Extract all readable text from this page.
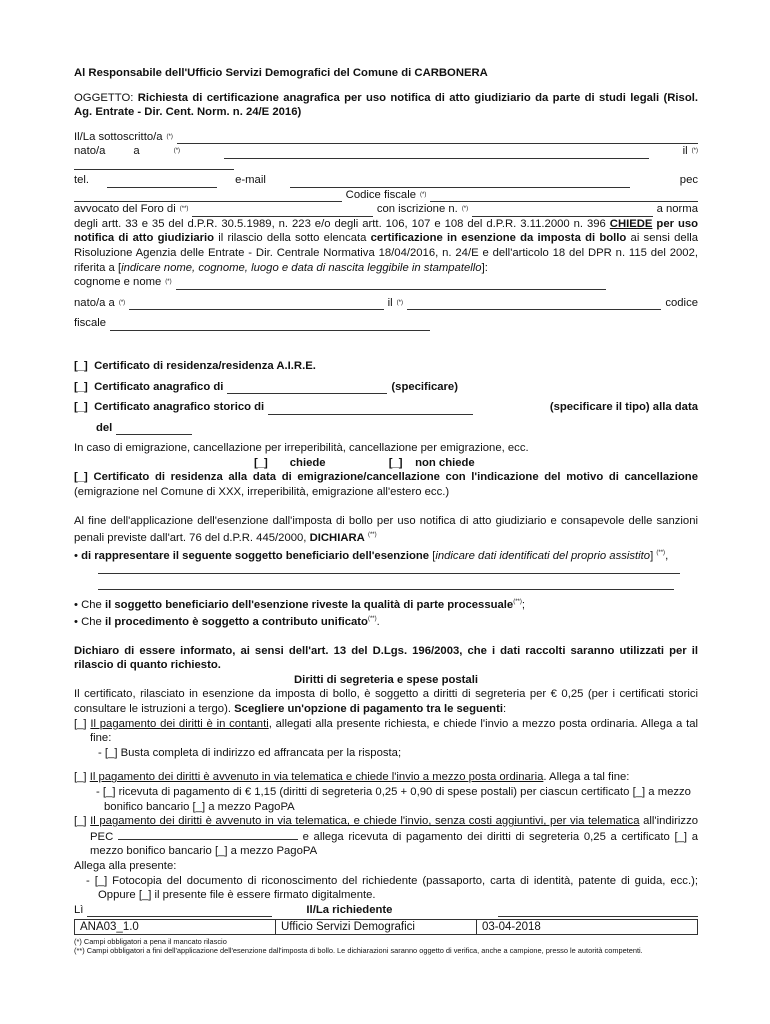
Al Responsabile dell'Ufficio Servizi Demografici del Comune di CARBONERA
OGGETTO: Richiesta di certificazione anagrafica per uso notifica di atto giudiziario da parte di studi legali (Risol. Ag. Entrate - Dir. Cent. Norm. n. 24/E 2016)
Il/La sottoscritto/a (*)
nato/a a	(*)	il (*)
tel.	e-mail	pec
Codice fiscale (*)
avvocato del Foro di (**)	con iscrizione n. (*)	a norma
degli artt. 33 e 35 del d.P.R. 30.5.1989, n. 223 e/o degli artt. 106, 107 e 108 del d.P.R. 3.11.2000 n. 396 CHIEDE per uso notifica di atto giudiziario il rilascio della sotto elencata certificazione in esenzione da imposta di bollo ai sensi della Risoluzione Agenzia delle Entrate - Dir. Centrale Normativa 18/04/2016, n. 24/E e dell'articolo 18 del DPR n. 115 del 2002, riferita a [indicare nome, cognome, luogo e data di nascita leggibile in stampatello]:
cognome e nome (*)
nato/a a (*)	il (*)	codice
fiscale
[_]  Certificato di residenza/residenza A.I.R.E.
[_]  Certificato anagrafico di	(specificare)
[_]  Certificato anagrafico storico di	(specificare il tipo) alla data
del
In caso di emigrazione, cancellazione per irreperibilità, cancellazione per emigrazione, ecc.
[_]       chiede	[_]    non chiede
[_] Certificato di residenza alla data di emigrazione/cancellazione con l'indicazione del motivo di cancellazione (emigrazione nel Comune di XXX, irreperibilità, emigrazione all'estero ecc.)
Al fine dell'applicazione dell'esenzione dall'imposta di bollo per uso notifica di atto giudiziario e consapevole delle sanzioni penali previste dall'art. 76 del d.P.R. 445/2000, DICHIARA (**)
• di rappresentare il seguente soggetto beneficiario dell'esenzione [indicare dati identificati del proprio assistito] (**),
• Che il soggetto beneficiario dell'esenzione riveste la qualità di parte processuale(**);
• Che il procedimento è soggetto a contributo unificato(**).
Dichiaro di essere informato, ai sensi dell'art. 13 del D.Lgs. 196/2003, che i dati raccolti saranno utilizzati per il rilascio di quanto richiesto.
Diritti di segreteria e spese postali
Il certificato, rilasciato in esenzione da imposta di bollo, è soggetto a diritti di segreteria per € 0,25 (per i certificati storici consultare le istruzioni a tergo). Scegliere un'opzione di pagamento tra le seguenti:
[_] Il pagamento dei diritti è in contanti, allegati alla presente richiesta, e chiede l'invio a mezzo posta ordinaria. Allega a tal fine:
- [_] Busta completa di indirizzo ed affrancata per la risposta;
[_] Il pagamento dei diritti è avvenuto in via telematica e chiede l'invio a mezzo posta ordinaria. Allega a tal fine:
- [_] ricevuta di pagamento di € 1,15 (diritti di segreteria 0,25 + 0,90 di spese postali) per ciascun certificato [_] a mezzo bonifico bancario [_] a mezzo PagoPA
[_] Il pagamento dei diritti è avvenuto in via telematica, e chiede l'invio, senza costi aggiuntivi, per via telematica all'indirizzo PEC	e allega ricevuta di pagamento dei diritti di segreteria 0,25 a certificato [_] a mezzo bonifico bancario [_] a mezzo PagoPA
Allega alla presente:
- [_] Fotocopia del documento di riconoscimento del richiedente (passaporto, carta di identità, patente di guida, ecc.); Oppure [_] il presente file è essere firmato digitalmente.
Lì	Il/La richiedente
ANA03_1.0	Ufficio Servizi Demografici	03-04-2018
(*) Campi obbligatori a pena il mancato rilascio
(**) Campi obbligatori a fini dell'applicazione dell'esenzione dall'imposta di bollo. Le dichiarazioni saranno oggetto di verifica, anche a campione, presso le autorità competenti.
